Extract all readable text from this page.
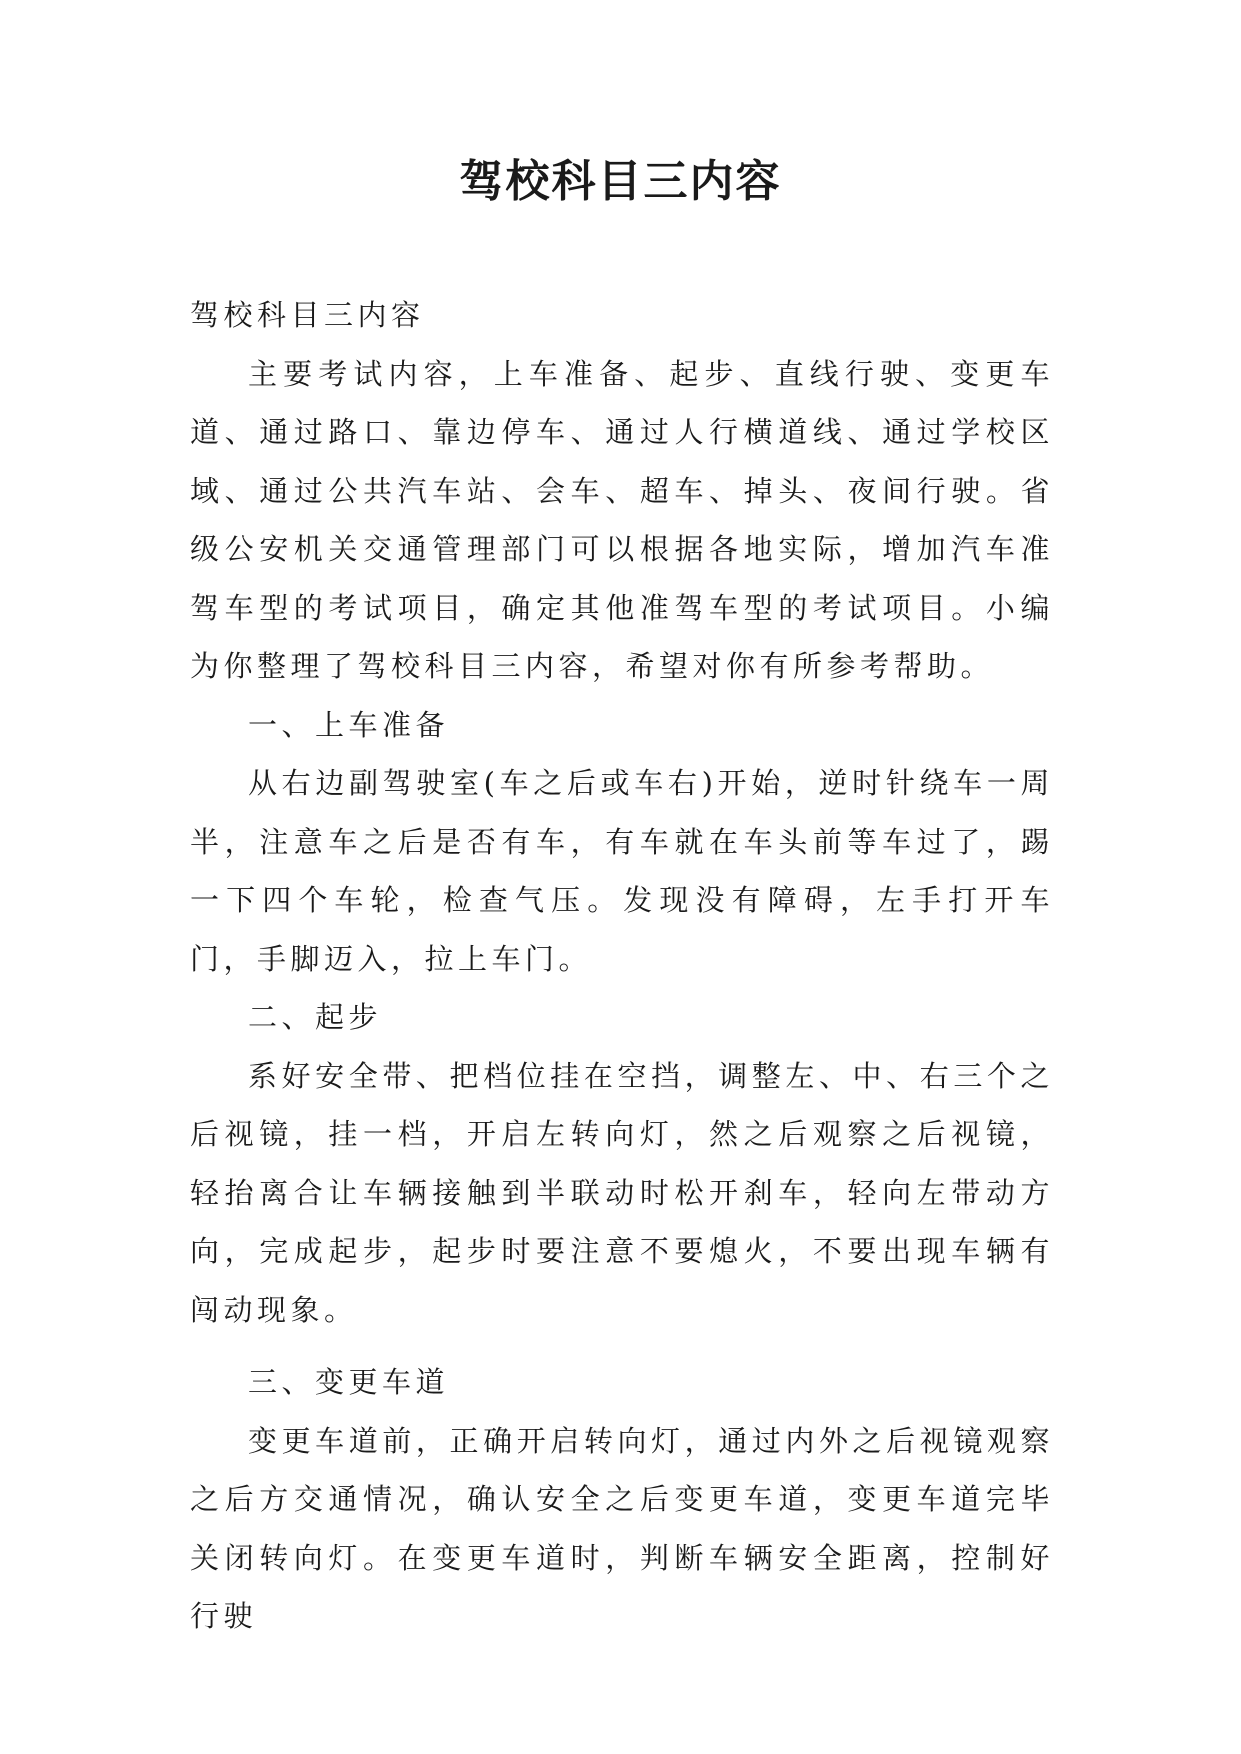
驾校科目三内容

驾校科目三内容

主要考试内容，上车准备、起步、直线行驶、变更车道、通过路口、靠边停车、通过人行横道线、通过学校区域、通过公共汽车站、会车、超车、掉头、夜间行驶。省级公安机关交通管理部门可以根据各地实际，增加汽车准驾车型的考试项目，确定其他准驾车型的考试项目。小编为你整理了驾校科目三内容，希望对你有所参考帮助。

一、上车准备

从右边副驾驶室(车之后或车右)开始，逆时针绕车一周半，注意车之后是否有车，有车就在车头前等车过了，踢一下四个车轮，检查气压。发现没有障碍，左手打开车门，手脚迈入，拉上车门。

二、起步

系好安全带、把档位挂在空挡，调整左、中、右三个之后视镜，挂一档，开启左转向灯，然之后观察之后视镜，轻抬离合让车辆接触到半联动时松开刹车，轻向左带动方向，完成起步，起步时要注意不要熄火，不要出现车辆有闯动现象。

三、变更车道

变更车道前，正确开启转向灯，通过内外之后视镜观察之后方交通情况，确认安全之后变更车道，变更车道完毕关闭转向灯。在变更车道时，判断车辆安全距离，控制好行驶
